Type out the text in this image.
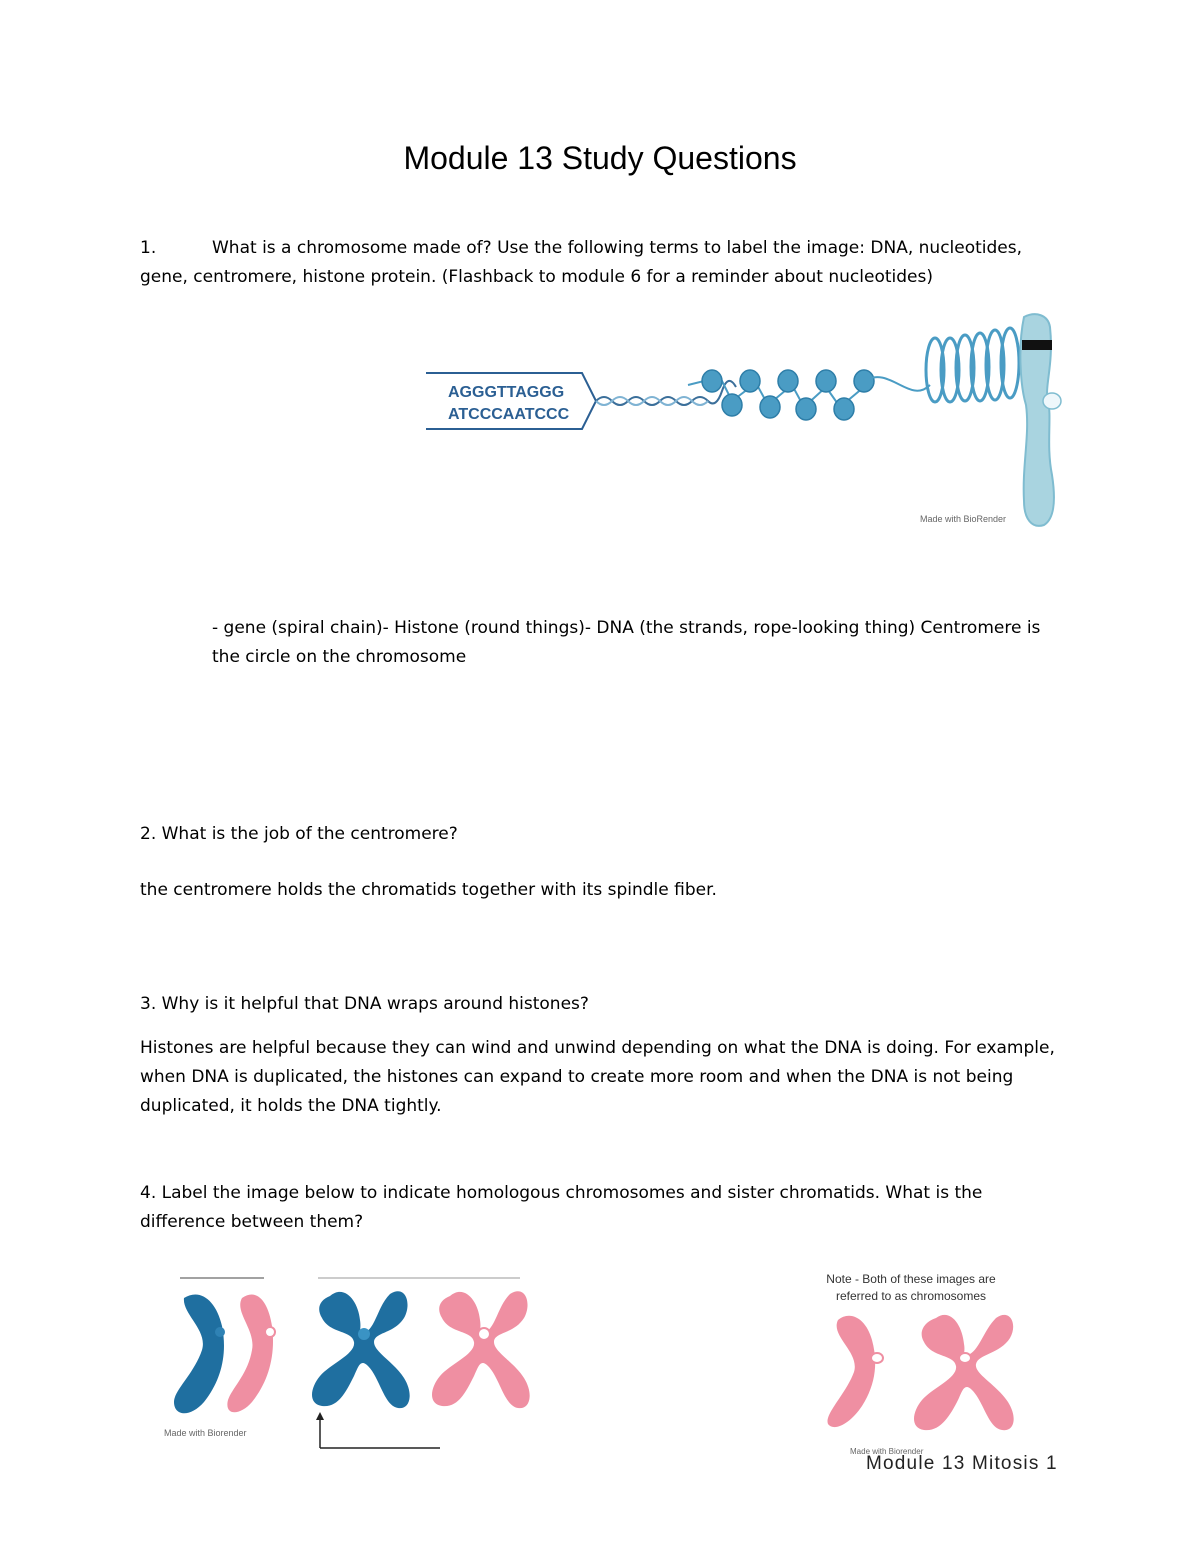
Module 13 Study Questions
1.	What is a chromosome made of? Use the following terms to label the image: DNA, nucleotides, gene, centromere, histone protein. (Flashback to module 6 for a reminder about nucleotides)
AGGGTTAGGG
ATCCCAATCCC
Made with BioRender
- gene (spiral chain)- Histone (round things)- DNA (the strands, rope-looking thing) Centromere is the circle on the chromosome
2. What is the job of the centromere?
the centromere holds the chromatids together with its spindle fiber.
3. Why is it helpful that DNA wraps around histones?
Histones are helpful because they can wind and unwind depending on what the DNA is doing. For example, when DNA is duplicated, the histones can expand to create more room and when the DNA is not being duplicated, it holds the DNA tightly.
4. Label the image below to indicate homologous chromosomes and sister chromatids. What is the difference between them?
Made with Biorender
Note - Both of these images are referred to as chromosomes
Made with Biorender
Module 13 Mitosis 1
